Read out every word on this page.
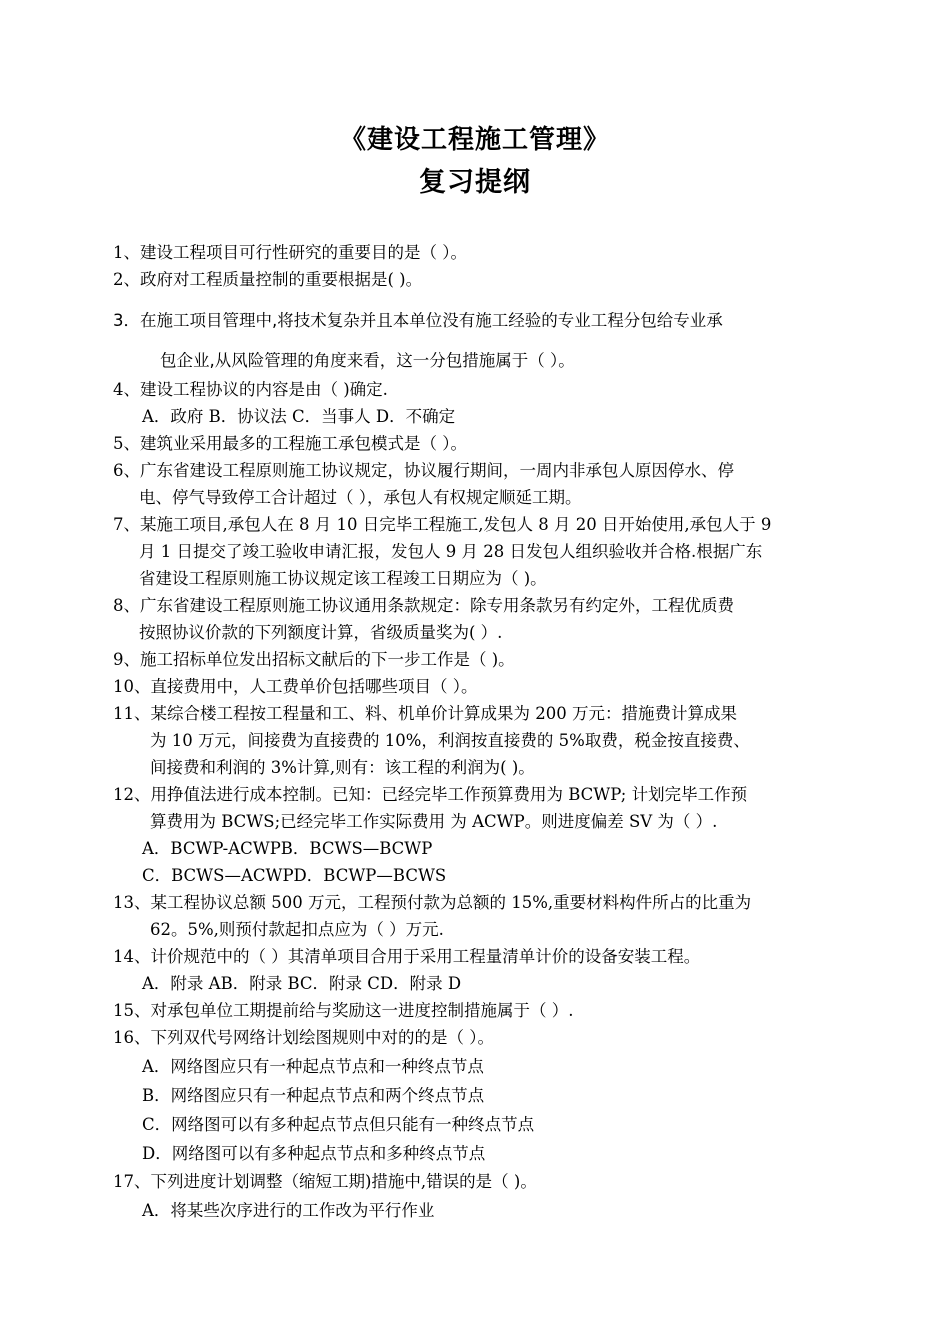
《建设工程施工管理》
复习提纲
1、建设工程项目可行性研究的重要目的是（ ）。
2、政府对工程质量控制的重要根据是( )。
3．在施工项目管理中,将技术复杂并且本单位没有施工经验的专业工程分包给专业承
包企业,从风险管理的角度来看，这一分包措施属于（ ）。
4、建设工程协议的内容是由（ )确定.
A．政府 B．协议法 C．当事人 D．不确定
5、建筑业采用最多的工程施工承包模式是（ ）。
6、广东省建设工程原则施工协议规定，协议履行期间，一周内非承包人原因停水、停
电、停气导致停工合计超过（ ），承包人有权规定顺延工期。
7、某施工项目,承包人在 8 月 10 日完毕工程施工,发包人 8 月 20 日开始使用,承包人于 9
月 1 日提交了竣工验收申请汇报，发包人 9 月 28 日发包人组织验收并合格.根据广东
省建设工程原则施工协议规定该工程竣工日期应为（ )。
8、广东省建设工程原则施工协议通用条款规定：除专用条款另有约定外，工程优质费
按照协议价款的下列额度计算，省级质量奖为( ）.
9、施工招标单位发出招标文献后的下一步工作是（ )。
10、直接费用中，人工费单价包括哪些项目（ ）。
11、某综合楼工程按工程量和工、料、机单价计算成果为 200 万元：措施费计算成果
为 10 万元，间接费为直接费的 10%，利润按直接费的 5%取费，税金按直接费、
间接费和利润的 3%计算,则有：该工程的利润为( )。
12、用挣值法进行成本控制。已知：已经完毕工作预算费用为 BCWP; 计划完毕工作预
算费用为 BCWS;已经完毕工作实际费用 为 ACWP。则进度偏差 SV 为（ ）.
A．BCWP-ACWPB．BCWS—BCWP
C．BCWS—ACWPD．BCWP—BCWS
13、某工程协议总额 500 万元，工程预付款为总额的 15%,重要材料构件所占的比重为
62。5%,则预付款起扣点应为（ ）万元.
14、计价规范中的（ ）其清单项目合用于采用工程量清单计价的设备安装工程。
A．附录 AB．附录 BC．附录 CD．附录 D
15、对承包单位工期提前给与奖励这一进度控制措施属于（ ）.
16、下列双代号网络计划绘图规则中对的的是（ ）。
A．网络图应只有一种起点节点和一种终点节点
B．网络图应只有一种起点节点和两个终点节点
C．网络图可以有多种起点节点但只能有一种终点节点
D．网络图可以有多种起点节点和多种终点节点
17、下列进度计划调整（缩短工期)措施中,错误的是（ )。
A．将某些次序进行的工作改为平行作业
